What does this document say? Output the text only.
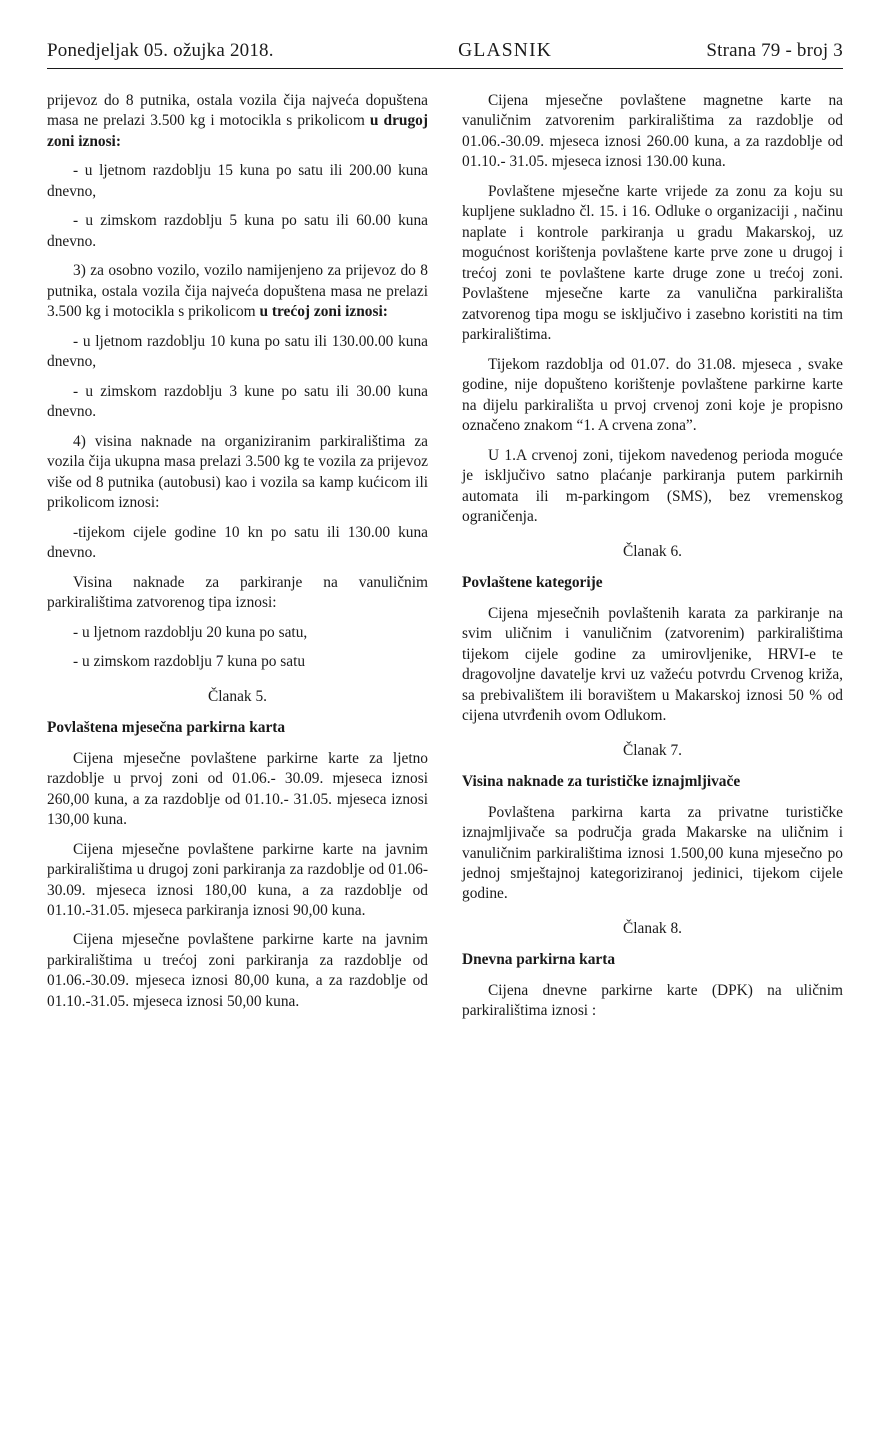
Ponedjeljak 05. ožujka 2018.	GLASNIK	Strana 79 - broj 3

prijevoz do 8 putnika, ostala vozila čija najveća dopuštena masa ne prelazi 3.500 kg i motocikla s prikolicom u drugoj zoni iznosi:

- u ljetnom razdoblju 15 kuna po satu ili 200.00 kuna dnevno,

- u zimskom razdoblju 5 kuna po satu ili 60.00 kuna dnevno.

3) za osobno vozilo, vozilo namijenjeno za prijevoz do 8 putnika, ostala vozila čija najveća dopuštena masa ne prelazi 3.500 kg i motocikla s prikolicom u trećoj zoni iznosi:

- u ljetnom razdoblju 10 kuna po satu ili 130.00.00 kuna dnevno,

- u zimskom razdoblju 3 kune po satu ili 30.00 kuna dnevno.

4) visina naknade na organiziranim parkiralištima za vozila čija ukupna masa prelazi 3.500 kg te vozila za prijevoz više od 8 putnika (autobusi) kao i vozila sa kamp kućicom ili prikolicom iznosi:

-tijekom cijele godine 10 kn po satu ili 130.00 kuna dnevno.

Visina naknade za parkiranje na vanuličnim parkiralištima zatvorenog tipa iznosi:

- u ljetnom razdoblju 20 kuna po satu,

- u zimskom razdoblju 7 kuna po satu

Članak 5.

Povlaštena mjesečna parkirna karta

Cijena mjesečne povlaštene parkirne karte za ljetno razdoblje u prvoj zoni od 01.06.- 30.09. mjeseca iznosi 260,00 kuna, a za razdoblje od 01.10.- 31.05. mjeseca iznosi 130,00 kuna.

Cijena mjesečne povlaštene parkirne karte na javnim parkiralištima u drugoj zoni parkiranja za razdoblje od 01.06-30.09. mjeseca iznosi 180,00 kuna, a za razdoblje od 01.10.-31.05. mjeseca parkiranja iznosi 90,00 kuna.

Cijena mjesečne povlaštene parkirne karte na javnim parkiralištima u trećoj zoni parkiranja za razdoblje od 01.06.-30.09. mjeseca iznosi 80,00 kuna, a za razdoblje od 01.10.-31.05. mjeseca iznosi 50,00 kuna.

Cijena mjesečne povlaštene magnetne karte na vanuličnim zatvorenim parkiralištima za razdoblje od 01.06.-30.09. mjeseca iznosi 260.00 kuna, a za razdoblje od 01.10.- 31.05. mjeseca iznosi 130.00 kuna.

Povlaštene mjesečne karte vrijede za zonu za koju su kupljene sukladno čl. 15. i 16. Odluke o organizaciji , načinu naplate i kontrole parkiranja u gradu Makarskoj, uz mogućnost korištenja povlaštene karte prve zone u drugoj i trećoj zoni te povlaštene karte druge zone u trećoj zoni. Povlaštene mjesečne karte za vanulična parkirališta zatvorenog tipa mogu se isključivo i zasebno koristiti na tim parkiralištima.

Tijekom razdoblja od 01.07. do 31.08. mjeseca , svake godine, nije dopušteno korištenje povlaštene parkirne karte na dijelu parkirališta u prvoj crvenoj zoni koje je propisno označeno znakom “1. A crvena zona”.

U 1.A crvenoj zoni, tijekom navedenog perioda moguće je isključivo satno plaćanje parkiranja putem parkirnih automata ili m-parkingom (SMS), bez vremenskog ograničenja.

Članak 6.

Povlaštene kategorije

Cijena mjesečnih povlaštenih karata za parkiranje na svim uličnim i vanuličnim (zatvorenim) parkiralištima tijekom cijele godine za umirovljenike, HRVI-e te dragovoljne davatelje krvi uz važeću potvrdu Crvenog križa, sa prebivalištem ili boravištem u Makarskoj iznosi 50 % od cijena utvrđenih ovom Odlukom.

Članak 7.

Visina naknade za turističke iznajmljivače

Povlaštena parkirna karta za privatne turističke iznajmljivače sa područja grada Makarske na uličnim i vanuličnim parkiralištima iznosi 1.500,00 kuna mjesečno po jednoj smještajnoj kategoriziranoj jedinici, tijekom cijele godine.

Članak 8.

Dnevna parkirna karta

Cijena dnevne parkirne karte (DPK) na uličnim parkiralištima iznosi :
